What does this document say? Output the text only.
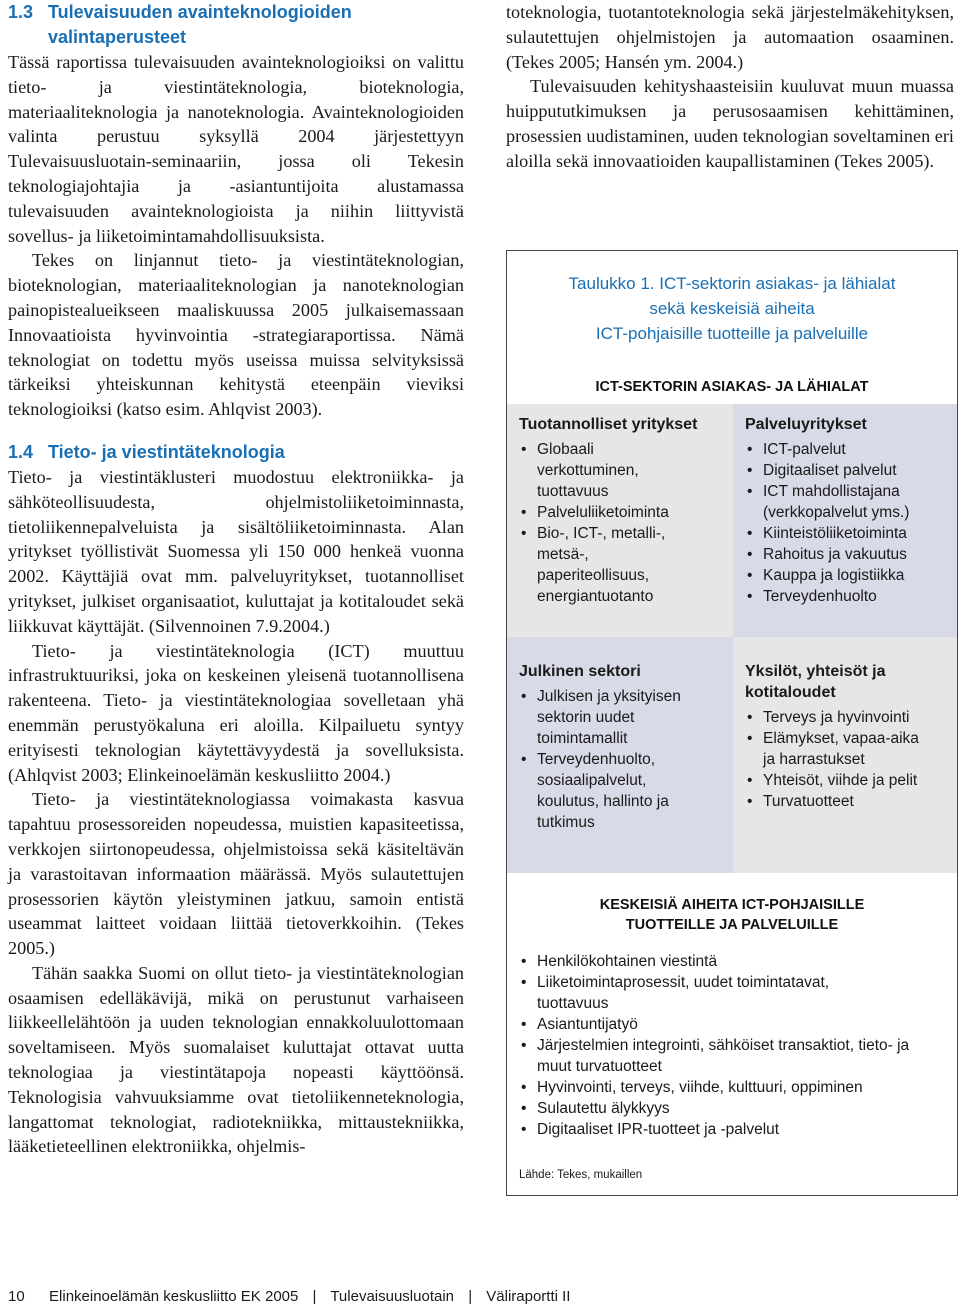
1.3 Tulevaisuuden avainteknologioiden valintaperusteet

Tässä raportissa tulevaisuuden avainteknologioiksi on valittu tieto- ja viestintäteknologia, bioteknologia, materiaaliteknologia ja nanoteknologia. Avainteknologioiden valinta perustuu syksyllä 2004 järjestettyyn Tulevaisuusluotain-seminaariin, jossa oli Tekesin teknologiajohtajia ja -asiantuntijoita alustamassa tulevaisuuden avainteknologioista ja niihin liittyvistä sovellus- ja liiketoimintamahdollisuuksista.

Tekes on linjannut tieto- ja viestintäteknologian, bioteknologian, materiaaliteknologian ja nanoteknologian painopistealueikseen maaliskuussa 2005 julkaisemassaan Innovaatioista hyvinvointia -strategiaraportissa. Nämä teknologiat on todettu myös useissa muissa selvityksissä tärkeiksi yhteiskunnan kehitystä eteenpäin vieviksi teknologioiksi (katso esim. Ahlqvist 2003).

1.4 Tieto- ja viestintäteknologia

Tieto- ja viestintäklusteri muodostuu elektroniikka- ja sähköteollisuudesta, ohjelmistoliiketoiminnasta, tietoliikennepalveluista ja sisältöliiketoiminnasta. Alan yritykset työllistivät Suomessa yli 150 000 henkeä vuonna 2002. Käyttäjiä ovat mm. palveluyritykset, tuotannolliset yritykset, julkiset organisaatiot, kuluttajat ja kotitaloudet sekä liikkuvat käyttäjät. (Silvennoinen 7.9.2004.)

Tieto- ja viestintäteknologia (ICT) muuttuu infrastruktuuriksi, joka on keskeinen yleisenä tuotannollisena rakenteena. Tieto- ja viestintäteknologiaa sovelletaan yhä enemmän perustyökaluna eri aloilla. Kilpailuetu syntyy erityisesti teknologian käytettävyydestä ja sovelluksista. (Ahlqvist 2003; Elinkeinoelämän keskusliitto 2004.)

Tieto- ja viestintäteknologiassa voimakasta kasvua tapahtuu prosessoreiden nopeudessa, muistien kapasiteetissa, verkkojen siirtonopeudessa, ohjelmistoissa sekä käsiteltävän ja varastoitavan informaation määrässä. Myös sulautettujen prosessorien käytön yleistyminen jatkuu, samoin entistä useammat laitteet voidaan liittää tietoverkkoihin. (Tekes 2005.)

Tähän saakka Suomi on ollut tieto- ja viestintäteknologian osaamisen edelläkävijä, mikä on perustunut varhaiseen liikkeellelähtöön ja uuden teknologian ennakkoluulottomaan soveltamiseen. Myös suomalaiset kuluttajat ottavat uutta teknologiaa ja viestintätapoja nopeasti käyttöönsä. Teknologisia vahvuuksiamme ovat tietoliikenneteknologia, langattomat teknologiat, radiotekniikka, mittaustekniikka, lääketieteellinen elektroniikka, ohjelmis-

toteknologia, tuotantoteknologia sekä järjestelmäkehityksen, sulautettujen ohjelmistojen ja automaation osaaminen. (Tekes 2005; Hansén ym. 2004.)

Tulevaisuuden kehityshaasteisiin kuuluvat muun muassa huippututkimuksen ja perusosaamisen kehittäminen, prosessien uudistaminen, uuden teknologian soveltaminen eri aloilla sekä innovaatioiden kaupallistaminen (Tekes 2005).

Taulukko 1. ICT-sektorin asiakas- ja lähialat
sekä keskeisiä aiheita
ICT-pohjaisille tuotteille ja palveluille
ICT-SEKTORIN ASIAKAS- JA LÄHIALAT
Tuotannolliset yritykset
• Globaali verkottuminen, tuottavuus
• Palveluliiketoiminta
• Bio-, ICT-, metalli-, metsä-, paperiteollisuus, energiantuotanto
Palveluyritykset
• ICT-palvelut
• Digitaaliset palvelut
• ICT mahdollistajana (verkkopalvelut yms.)
• Kiinteistöliiketoiminta
• Rahoitus ja vakuutus
• Kauppa ja logistiikka
• Terveydenhuolto
Julkinen sektori
• Julkisen ja yksityisen sektorin uudet toimintamallit
• Terveydenhuolto, sosiaalipalvelut, koulutus, hallinto ja tutkimus
Yksilöt, yhteisöt ja kotitaloudet
• Terveys ja hyvinvointi
• Elämykset, vapaa-aika ja harrastukset
• Yhteisöt, viihde ja pelit
• Turvatuotteet
KESKEISIÄ AIHEITA ICT-POHJAISILLE
TUOTTEILLE JA PALVELUILLE
• Henkilökohtainen viestintä
• Liiketoimintaprosessit, uudet toimintatavat, tuottavuus
• Asiantuntijatyö
• Järjestelmien integrointi, sähköiset transaktiot, tieto- ja muut turvatuotteet
• Hyvinvointi, terveys, viihde, kulttuuri, oppiminen
• Sulautettu älykkyys
• Digitaaliset IPR-tuotteet ja -palvelut
Lähde: Tekes, mukaillen
10 Elinkeinoelämän keskusliitto EK 2005 | Tulevaisuusluotain | Väliraportti II
